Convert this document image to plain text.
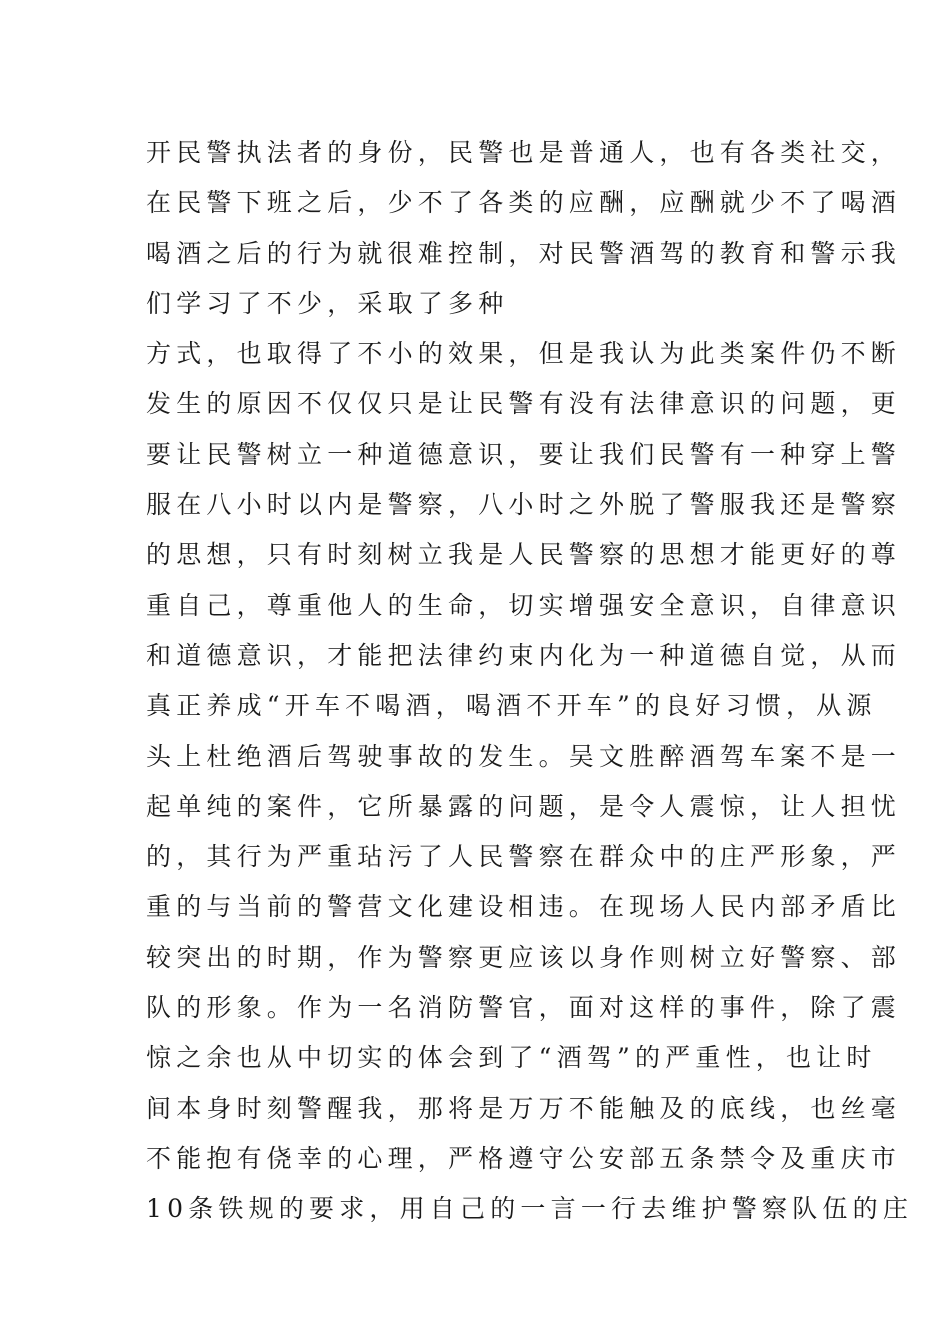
开民警执法者的身份，民警也是普通人，也有各类社交，
在民警下班之后，少不了各类的应酬，应酬就少不了喝酒
喝酒之后的行为就很难控制，对民警酒驾的教育和警示我
们学习了不少，采取了多种
方式，也取得了不小的效果，但是我认为此类案件仍不断
发生的原因不仅仅只是让民警有没有法律意识的问题，更
要让民警树立一种道德意识，要让我们民警有一种穿上警
服在八小时以内是警察，八小时之外脱了警服我还是警察
的思想，只有时刻树立我是人民警察的思想才能更好的尊
重自己，尊重他人的生命，切实增强安全意识，自律意识
和道德意识，才能把法律约束内化为一种道德自觉，从而
真正养成“开车不喝酒，喝酒不开车”的良好习惯，从源
头上杜绝酒后驾驶事故的发生。吴文胜醉酒驾车案不是一
起单纯的案件，它所暴露的问题，是令人震惊，让人担忧
的，其行为严重玷污了人民警察在群众中的庄严形象，严
重的与当前的警营文化建设相违。在现场人民内部矛盾比
较突出的时期，作为警察更应该以身作则树立好警察、部
队的形象。作为一名消防警官，面对这样的事件，除了震
惊之余也从中切实的体会到了“酒驾”的严重性，也让时
间本身时刻警醒我，那将是万万不能触及的底线，也丝毫
不能抱有侥幸的心理，严格遵守公安部五条禁令及重庆市
10条铁规的要求，用自己的一言一行去维护警察队伍的庄
